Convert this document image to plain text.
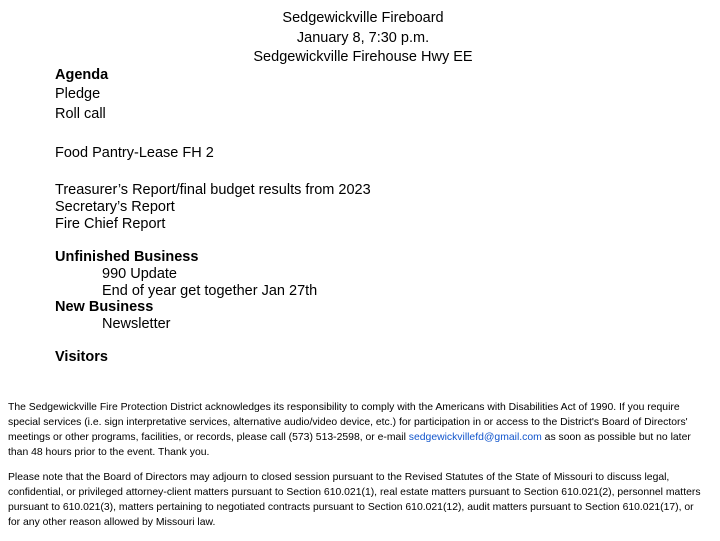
Sedgewickville Fireboard
January 8, 7:30 p.m.
Sedgewickville Firehouse Hwy EE
Agenda
Pledge
Roll call
Food Pantry-Lease FH 2
Treasurer’s Report/final budget results from 2023
Secretary’s Report
Fire Chief Report
Unfinished Business
990 Update
End of year get together Jan 27th
New Business
Newsletter
Visitors
The Sedgewickville Fire Protection District acknowledges its responsibility to comply with the Americans with Disabilities Act of 1990. If you require special services (i.e. sign interpretative services, alternative audio/video device, etc.) for participation in or access to the District's Board of Directors' meetings or other programs, facilities, or records, please call (573) 513-2598, or e-mail sedgewickvillefd@gmail.com as soon as possible but no later than 48 hours prior to the event. Thank you.
Please note that the Board of Directors may adjourn to closed session pursuant to the Revised Statutes of the State of Missouri to discuss legal, confidential, or privileged attorney-client matters pursuant to Section 610.021(1), real estate matters pursuant to Section 610.021(2), personnel matters pursuant to 610.021(3), matters pertaining to negotiated contracts pursuant to Section 610.021(12), audit matters pursuant to Section 610.021(17), or for any other reason allowed by Missouri law.
